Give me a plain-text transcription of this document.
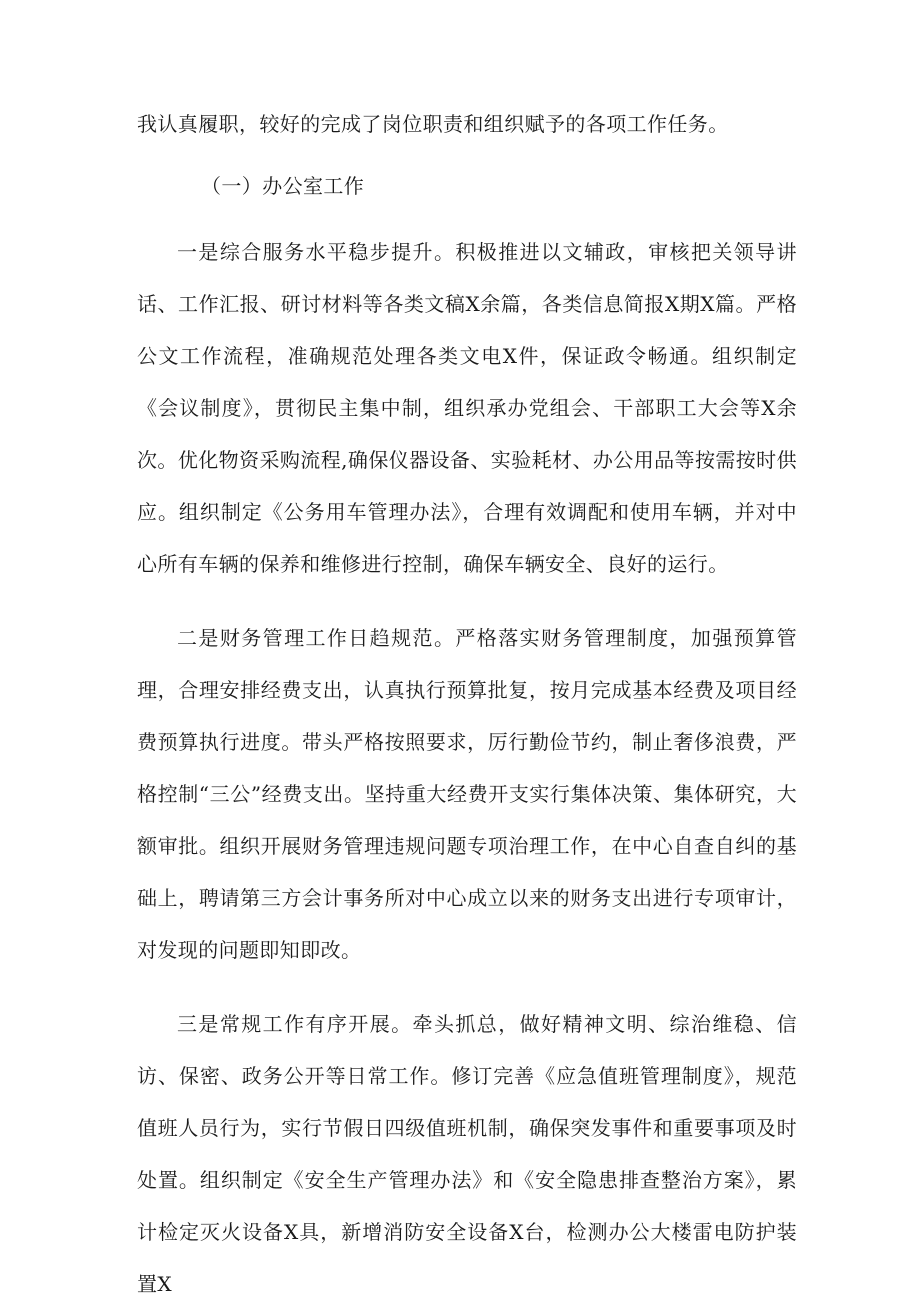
我认真履职，较好的完成了岗位职责和组织赋予的各项工作任务。

（一）办公室工作

一是综合服务水平稳步提升。积极推进以文辅政，审核把关领导讲话、工作汇报、研讨材料等各类文稿X余篇，各类信息简报X期X篇。严格公文工作流程，准确规范处理各类文电X件，保证政令畅通。组织制定《会议制度》，贯彻民主集中制，组织承办党组会、干部职工大会等X余次。优化物资采购流程,确保仪器设备、实验耗材、办公用品等按需按时供应。组织制定《公务用车管理办法》，合理有效调配和使用车辆，并对中心所有车辆的保养和维修进行控制，确保车辆安全、良好的运行。

二是财务管理工作日趋规范。严格落实财务管理制度，加强预算管理，合理安排经费支出，认真执行预算批复，按月完成基本经费及项目经费预算执行进度。带头严格按照要求，厉行勤俭节约，制止奢侈浪费，严格控制“三公”经费支出。坚持重大经费开支实行集体决策、集体研究，大额审批。组织开展财务管理违规问题专项治理工作，在中心自查自纠的基础上，聘请第三方会计事务所对中心成立以来的财务支出进行专项审计，对发现的问题即知即改。

三是常规工作有序开展。牵头抓总，做好精神文明、综治维稳、信访、保密、政务公开等日常工作。修订完善《应急值班管理制度》，规范值班人员行为，实行节假日四级值班机制，确保突发事件和重要事项及时处置。组织制定《安全生产管理办法》和《安全隐患排查整治方案》，累计检定灭火设备X具，新增消防安全设备X台，检测办公大楼雷电防护装置X
